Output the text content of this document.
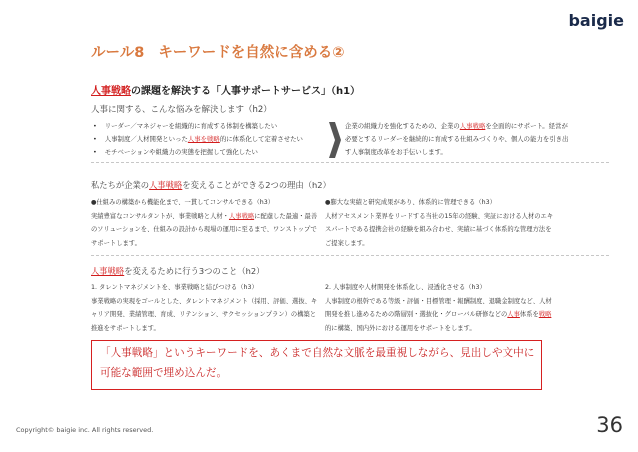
baigie
ルール8 キーワードを自然に含める②
人事戦略の課題を解決する「人事サポートサービス」（h1）
人事に関する、こんな悩みを解決します（h2）
• リーダー／マネジャーを組織的に育成する体制を構築したい
• 人事制度／人材開発といった人事を戦略的に体系化して定着させたい
• モチベーションや組織力の実態を把握して強化したい
企業の組織力を強化するための、企業の人事戦略を全面的にサポート。経営が必要とするリーダーを継続的に育成する仕組みづくりや、個人の能力を引き出す人事制度改革をお手伝いします。
私たちが企業の人事戦略を変えることができる2つの理由（h2）
●仕組みの構築から機能化まで、一貫してコンサルできる（h3）
実績豊富なコンサルタントが、事業戦略と人材・人事戦略に配慮した最適・最善のソリューションを、仕組みの設計から現場の運用に至るまで、ワンストップでサポートします。
●膨大な実績と研究成果があり、体系的に管理できる（h3）
人材アセスメント業界をリードする当社の15年の経験、実証における人材のエキスパートである提携会社の経験を組み合わせ、実績に基づく体系的な管理方法をご提案します。
人事戦略を変えるために行う3つのこと（h2）
1. タレントマネジメントを、事業戦略と結びつける（h3）
事業戦略の実現をゴールとした、タレントマネジメント（採用、評価、選抜、キャリア開発、業績管理、育成、リテンション、サクセッションプラン）の構築と推進をサポートします。
2. 人事制度や人材開発を体系化し、浸透化させる（h3）
人事制度の根幹である等級・評価・目標管理・報酬制度、退職金制度など、人材開発を推し進めるための階層別・選抜化・グローバル研修などの人事体系を戦略的に構築、国内外における運用をサポートをします。
「人事戦略」というキーワードを、あくまで自然な文脈を最重視しながら、見出しや文中に可能な範囲で埋め込んだ。
Copyright© baigie inc. All rights reserved.	36
